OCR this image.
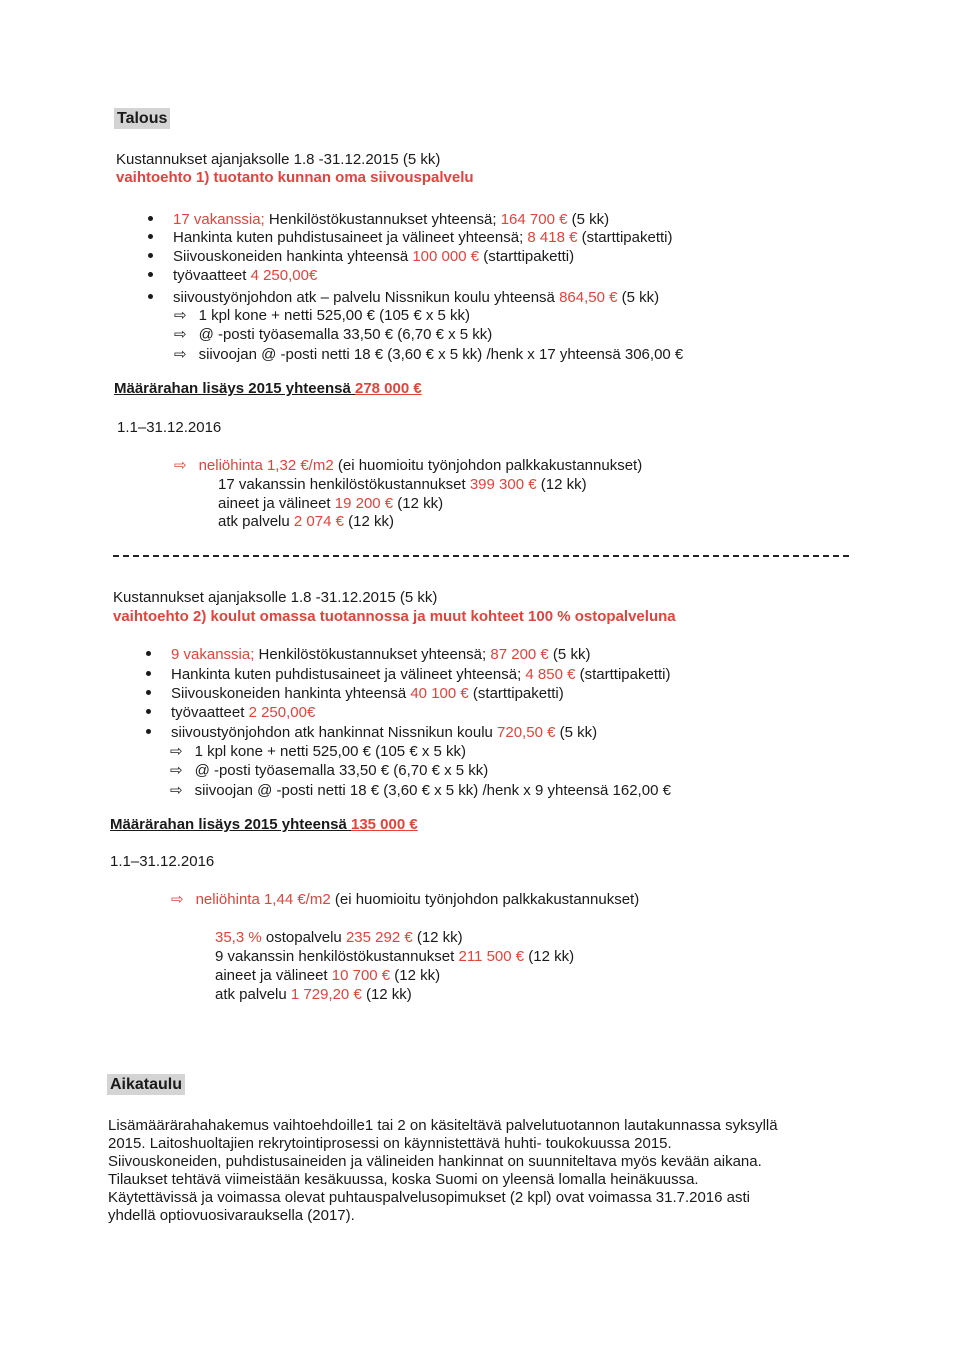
Talous
Kustannukset ajanjaksolle 1.8 -31.12.2015 (5 kk)
vaihtoehto 1) tuotanto kunnan oma siivouspalvelu
17 vakanssia; Henkilöstökustannukset yhteensä; 164 700 € (5 kk)
Hankinta kuten puhdistusaineet ja välineet yhteensä; 8 418 € (starttipaketti)
Siivouskoneiden hankinta yhteensä 100 000 € (starttipaketti)
työvaatteet 4 250,00€
siivoustyönjohdon atk – palvelu Nissnikun koulu yhteensä 864,50 € (5 kk)
⇨ 1 kpl kone + netti 525,00 € (105 € x 5 kk)
⇨ @ -posti työasemalla 33,50 € (6,70 € x 5 kk)
⇨ siivoojan @ -posti netti 18 € (3,60 € x 5 kk) /henk x 17 yhteensä 306,00 €
Määrärahan lisäys 2015 yhteensä 278 000 €
1.1–31.12.2016
⇨ neliöhinta 1,32 €/m2 (ei huomioitu työnjohdon palkkakustannukset)
17 vakanssin henkilöstökustannukset 399 300 € (12 kk)
aineet ja välineet 19 200 € (12 kk)
atk palvelu 2 074 € (12 kk)
Kustannukset ajanjaksolle 1.8 -31.12.2015 (5 kk)
vaihtoehto 2) koulut omassa tuotannossa ja muut kohteet 100 % ostopalveluna
9 vakanssia; Henkilöstökustannukset yhteensä; 87 200 € (5 kk)
Hankinta kuten puhdistusaineet ja välineet yhteensä; 4 850 € (starttipaketti)
Siivouskoneiden hankinta yhteensä 40 100 € (starttipaketti)
työvaatteet 2 250,00€
siivoustyönjohdon atk hankinnat Nissnikun koulu 720,50 € (5 kk)
⇨ 1 kpl kone + netti 525,00 € (105 € x 5 kk)
⇨ @ -posti työasemalla 33,50 € (6,70 € x 5 kk)
⇨ siivoojan @ -posti netti 18 € (3,60 € x 5 kk) /henk x 9 yhteensä 162,00 €
Määrärahan lisäys 2015 yhteensä 135 000 €
1.1–31.12.2016
⇨ neliöhinta 1,44 €/m2 (ei huomioitu työnjohdon palkkakustannukset)
35,3 % ostopalvelu 235 292 € (12 kk)
9 vakanssin henkilöstökustannukset 211 500 € (12 kk)
aineet ja välineet 10 700 € (12 kk)
atk palvelu 1 729,20 € (12 kk)
Aikataulu
Lisämäärärahahakemus vaihtoehdoille1 tai 2 on käsiteltävä palvelutuotannon lautakunnassa syksyllä
2015. Laitoshuoltajien rekrytointiprosessi on käynnistettävä huhti- toukokuussa 2015.
Siivouskoneiden, puhdistusaineiden ja välineiden hankinnat on suunniteltava myös kevään aikana.
Tilaukset tehtävä viimeistään kesäkuussa, koska Suomi on yleensä lomalla heinäkuussa.
Käytettävissä ja voimassa olevat puhtauspalvelusopimukset (2 kpl) ovat voimassa 31.7.2016 asti
yhdellä optiovuosivarauksella (2017).
